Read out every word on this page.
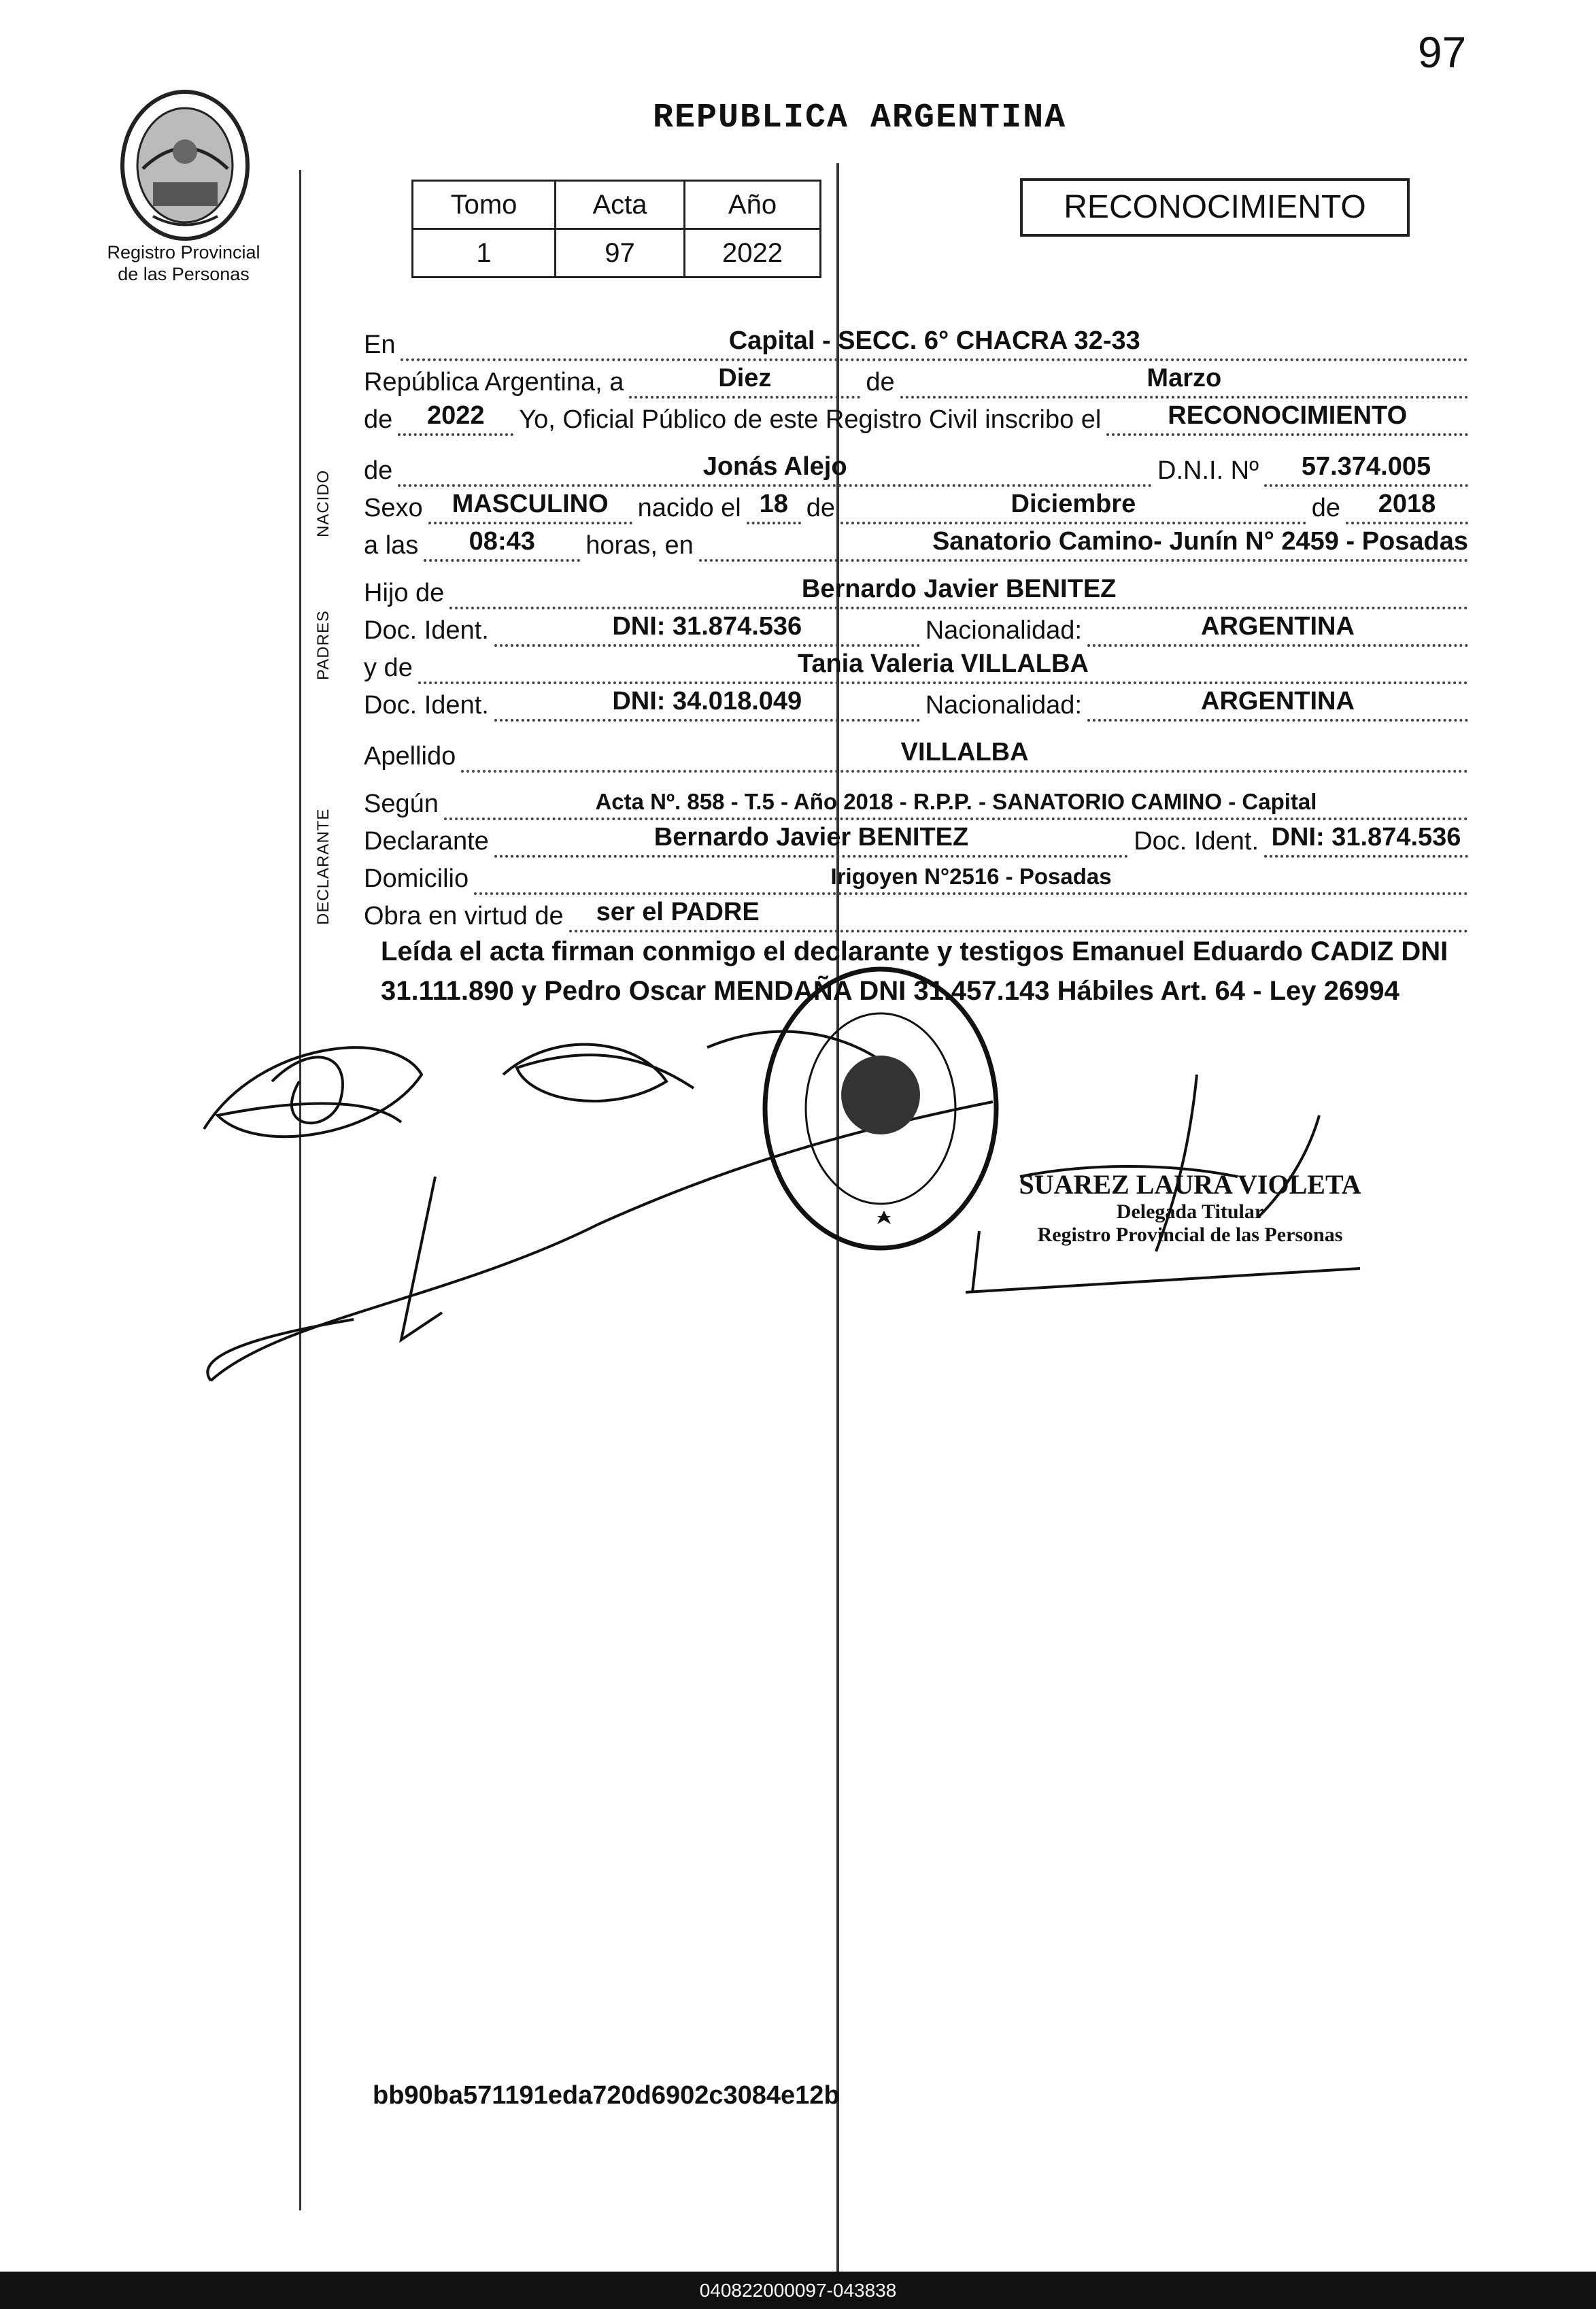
97
Registro Provincial
de las Personas
REPUBLICA ARGENTINA
Tomo	Acta	Año
1	97	2022
RECONOCIMIENTO
NACIDO
PADRES
DECLARANTE
En	Capital - SECC. 6° CHACRA 32-33
República Argentina, a	Diez	de	Marzo
de	2022	Yo, Oficial Público de este Registro Civil inscribo el	RECONOCIMIENTO
de	Jonás Alejo	D.N.I. Nº	57.374.005
Sexo	MASCULINO	nacido el 18 de	Diciembre	de	2018
a las	08:43	horas, en	Sanatorio Camino- Junín N° 2459 - Posadas
Hijo de	Bernardo Javier BENITEZ
Doc. Ident.	DNI: 31.874.536	Nacionalidad:	ARGENTINA
y de	Tania Valeria VILLALBA
Doc. Ident.	DNI: 34.018.049	Nacionalidad:	ARGENTINA
Apellido	VILLALBA
Según	Acta Nº. 858 - T.5 - Año 2018 - R.P.P. - SANATORIO CAMINO - Capital
Declarante	Bernardo Javier BENITEZ	Doc. Ident. DNI: 31.874.536
Domicilio	Irigoyen N°2516 - Posadas
Obra en virtud de	ser el PADRE
Leída el acta firman conmigo el declarante y testigos Emanuel Eduardo CADIZ DNI 31.111.890 y Pedro Oscar MENDAÑA DNI 31.457.143 Hábiles Art. 64 - Ley 26994
SUAREZ LAURA VIOLETA
Delegada Titular
Registro Provincial de las Personas
bb90ba571191eda720d6902c3084e12b
040822000097-043838
